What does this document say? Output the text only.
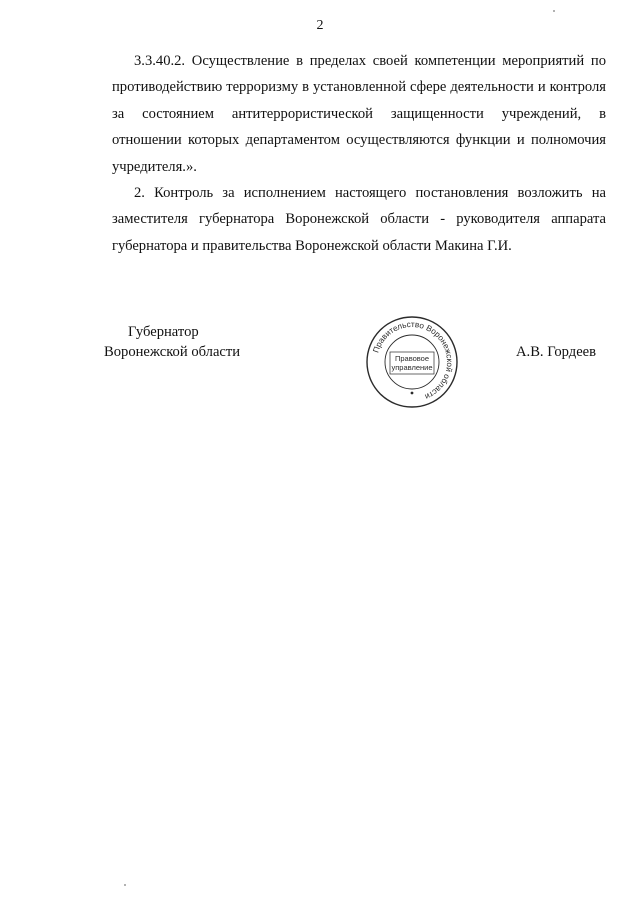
2

3.3.40.2. Осуществление в пределах своей компетенции мероприятий по противодействию терроризму в установленной сфере деятельности и контроля за состоянием антитеррористической защищенности учреждений, в отношении которых департаментом осуществляются функции и полномочия учредителя.».

2. Контроль за исполнением настоящего постановления возложить на заместителя губернатора Воронежской области - руководителя аппарата губернатора и правительства Воронежской области Макина Г.И.

Губернатор
Воронежской области	Правительство Воронежской области
Правовое
управление
А.В. Гордеев
